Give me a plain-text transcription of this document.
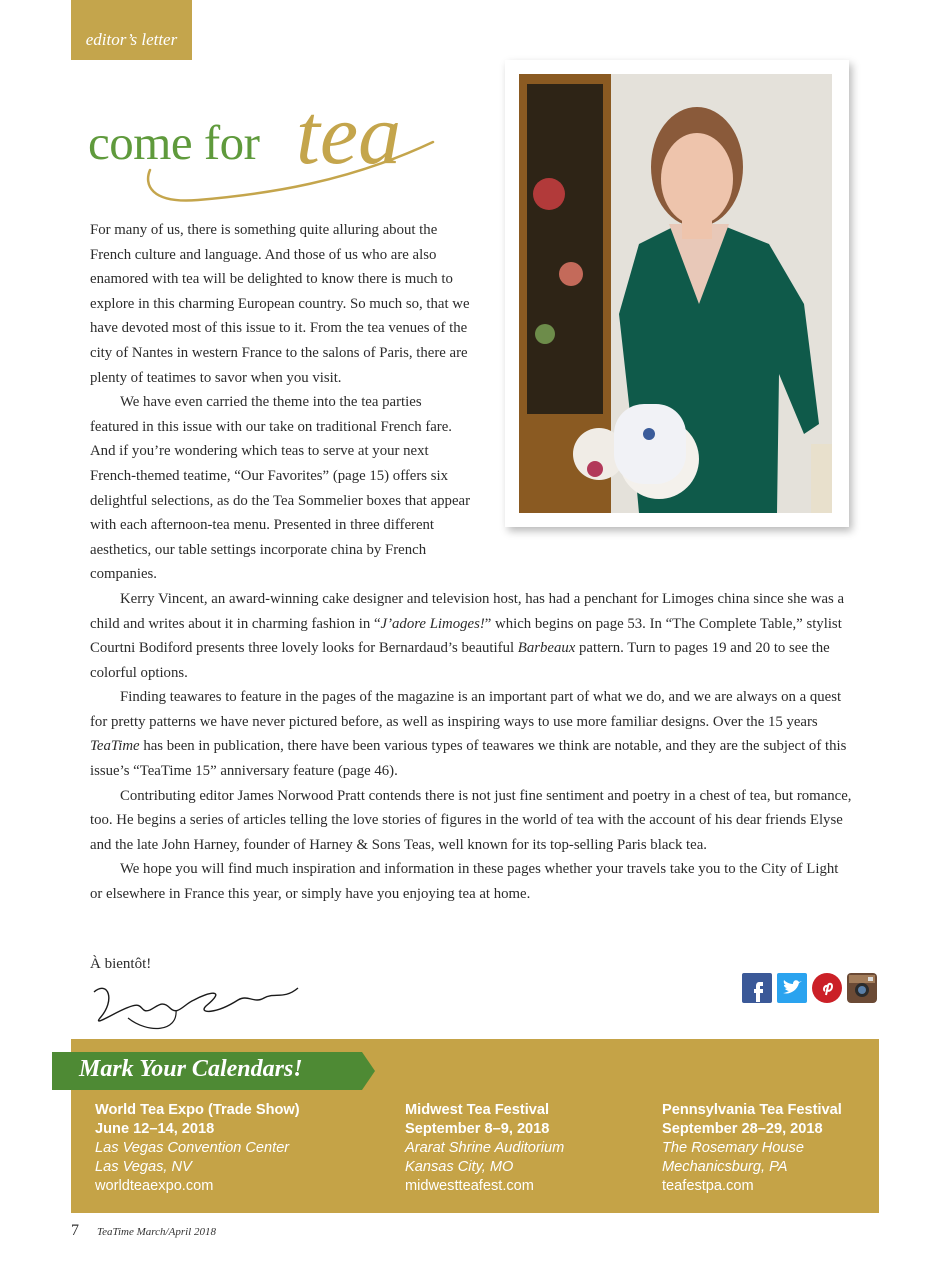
editor’s letter
come for tea

For many of us, there is something quite alluring about the French culture and language. And those of us who are also enamored with tea will be delighted to know there is much to explore in this charming European country. So much so, that we have devoted most of this issue to it. From the tea venues of the city of Nantes in western France to the salons of Paris, there are plenty of teatimes to savor when you visit.

We have even carried the theme into the tea parties featured in this issue with our take on traditional French fare. And if you’re wondering which teas to serve at your next French-themed teatime, “Our Favorites” (page 15) offers six delightful selections, as do the Tea Sommelier boxes that appear with each afternoon-tea menu. Presented in three different aesthetics, our table settings incorporate china by French companies.

Kerry Vincent, an award-winning cake designer and television host, has had a penchant for Limoges china since she was a child and writes about it in charming fashion in “J’adore Limoges!” which begins on page 53. In “The Complete Table,” stylist Courtni Bodiford presents three lovely looks for Bernardaud’s beautiful Barbeaux pattern. Turn to pages 19 and 20 to see the colorful options.

Finding teawares to feature in the pages of the magazine is an important part of what we do, and we are always on a quest for pretty patterns we have never pictured before, as well as inspiring ways to use more familiar designs. Over the 15 years TeaTime has been in publication, there have been various types of teawares we think are notable, and they are the subject of this issue’s “TeaTime 15” anniversary feature (page 46).

Contributing editor James Norwood Pratt contends there is not just fine sentiment and poetry in a chest of tea, but romance, too. He begins a series of articles telling the love stories of figures in the world of tea with the account of his dear friends Elyse and the late John Harney, founder of Harney & Sons Teas, well known for its top-selling Paris black tea.

We hope you will find much inspiration and information in these pages whether your travels take you to the City of Light or elsewhere in France this year, or simply have you enjoying tea at home.

À bientôt!
Mark Your Calendars!
World Tea Expo (Trade Show)
June 12–14, 2018
Las Vegas Convention Center
Las Vegas, NV
worldteaexpo.com
Midwest Tea Festival
September 8–9, 2018
Ararat Shrine Auditorium
Kansas City, MO
midwestteafest.com
Pennsylvania Tea Festival
September 28–29, 2018
The Rosemary House
Mechanicsburg, PA
teafestpa.com
7 TeaTime March/April 2018
